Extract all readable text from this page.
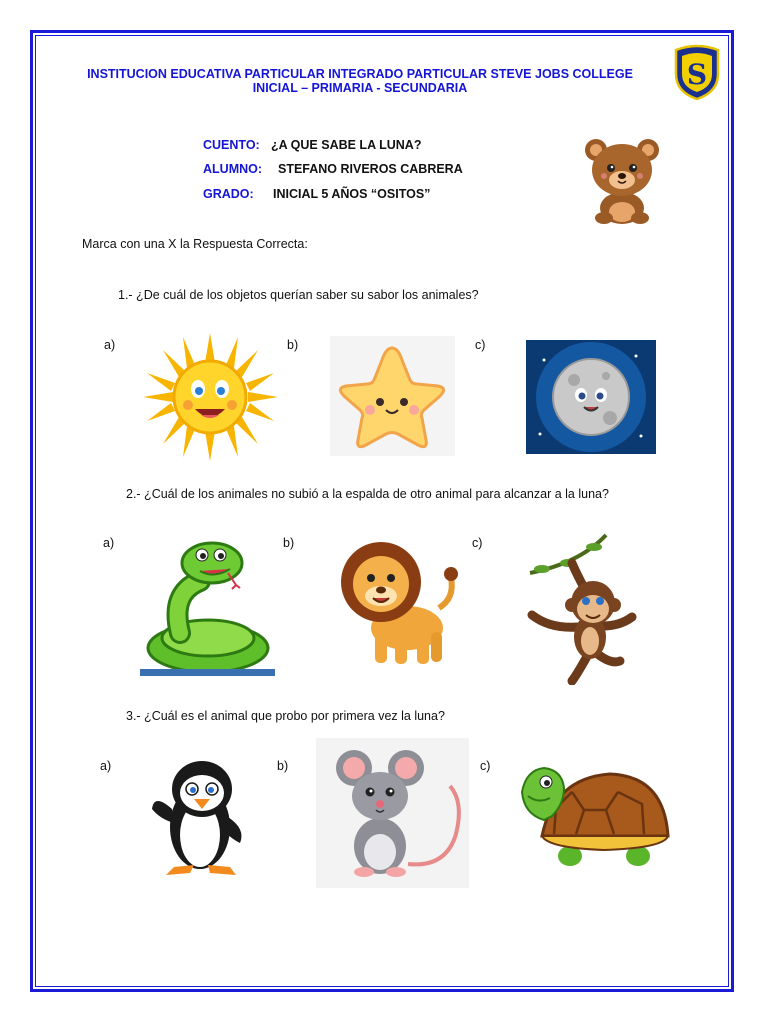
INSTITUCION EDUCATIVA PARTICULAR INTEGRADO PARTICULAR STEVE JOBS COLLEGE
INICIAL – PRIMARIA - SECUNDARIA	S
CUENTO: ¿A QUE SABE LA LUNA?
ALUMNO: STEFANO RIVEROS CABRERA
GRADO: INICIAL 5 AÑOS “OSITOS”
Marca con una X la Respuesta Correcta:
1.- ¿De cuál de los objetos querían saber su sabor los animales?
a)	b)	c)
2.- ¿Cuál de los animales no subió a la espalda de otro animal para alcanzar a la luna?
a)	b)	c)
3.- ¿Cuál es el animal que probo por primera vez la luna?
a)	b)	c)
